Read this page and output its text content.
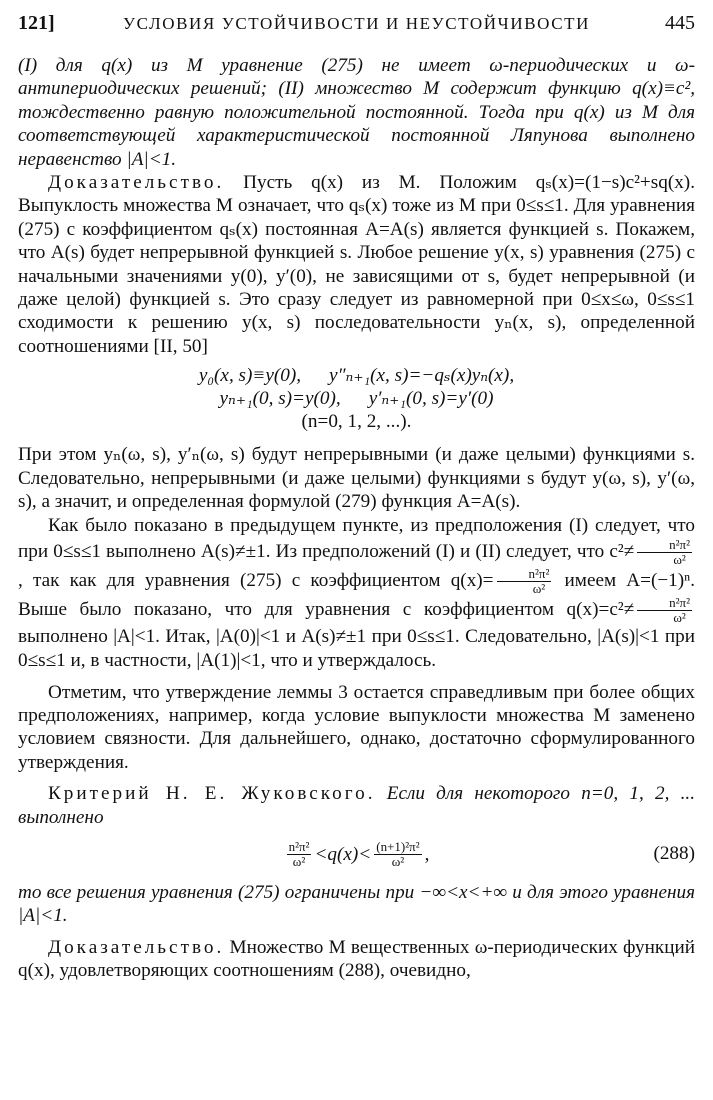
121]	УСЛОВИЯ УСТОЙЧИВОСТИ И НЕУСТОЙЧИВОСТИ	445

(I) для q(x) из M уравнение (275) не имеет ω-периодических и ω-антипериодических решений; (II) множество M содержит функцию q(x)≡c², тождественно равную положительной постоянной. Тогда при q(x) из M для соответствующей характеристической постоянной Ляпунова выполнено неравенство |A|<1.

Доказательство. Пусть q(x) из M. Положим qₛ(x)=(1−s)c²+sq(x). Выпуклость множества M означает, что qₛ(x) тоже из M при 0≤s≤1. Для уравнения (275) с коэффициентом qₛ(x) постоянная A=A(s) является функцией s. Покажем, что A(s) будет непрерывной функцией s. Любое решение y(x, s) уравнения (275) с начальными значениями y(0), y′(0), не зависящими от s, будет непрерывной (и даже целой) функцией s. Это сразу следует из равномерной при 0≤x≤ω, 0≤s≤1 сходимости к решению y(x, s) последовательности yₙ(x, s), определенной соотношениями [II, 50]

y₀(x, s)≡y(0), y″ₙ₊₁(x, s)=−qₛ(x)yₙ(x),
yₙ₊₁(0, s)=y(0), y′ₙ₊₁(0, s)=y′(0)
(n=0, 1, 2, ...).

При этом yₙ(ω, s), y′ₙ(ω, s) будут непрерывными (и даже целыми) функциями s. Следовательно, непрерывными (и даже целыми) функциями s будут y(ω, s), y′(ω, s), а значит, и определенная формулой (279) функция A=A(s).

Как было показано в предыдущем пункте, из предположения (I) следует, что при 0≤s≤1 выполнено A(s)≠±1. Из предположений (I) и (II) следует, что $c^2\ne \frac{\text{n²π²}}{\text{ω²}}$
, так как для уравнения (275) с коэффициентом $q(x)= \frac{\text{n²π²}}{\text{ω²}}$ имеем A=(−1)ⁿ. Выше было показано, что для уравнения с коэффициентом $q(x)=c^2\ne \frac{\text{n²π²}}{\text{ω²}}$
выполнено |A|<1. Итак, |A(0)|<1 и A(s)≠±1 при 0≤s≤1. Следовательно, |A(s)|<1 при 0≤s≤1 и, в частности, |A(1)|<1, что и утверждалось.

Отметим, что утверждение леммы 3 остается справедливым при более общих предположениях, например, когда условие выпуклости множества M заменено условием связности. Для дальнейшего, однако, достаточно сформулированного утверждения.

Критерий Н. Е. Жуковского. Если для некоторого n=0, 1, 2, ... выполнено

$\frac{\text{n²π²}}{\text{ω²}} <q(x)< \frac{\text{(n+1)²π²}}{\text{ω²}}$ ,	(288)

то все решения уравнения (275) ограничены при −∞<x<+∞ и для этого уравнения |A|<1.

Доказательство. Множество M вещественных ω-периодических функций q(x), удовлетворяющих соотношениям (288), очевидно,
